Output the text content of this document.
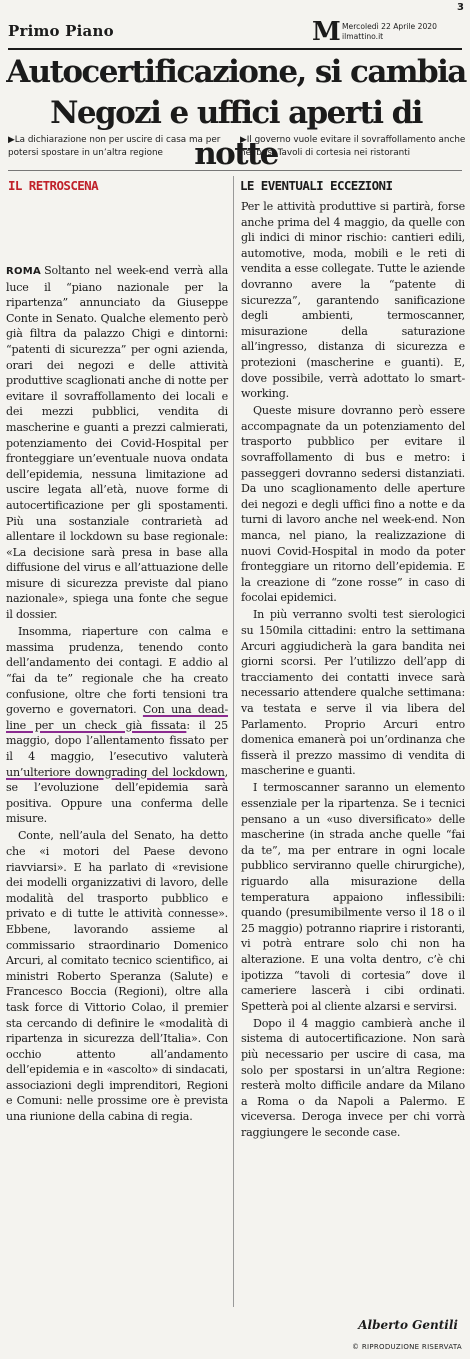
3
Primo Piano	M Mercoledì 22 Aprile 2020
ilmattino.it
Autocertificazione, si cambia
Negozi e uffici aperti di notte
▶La dichiarazione non per uscire di casa ma per potersi spostare in un’altra regione
▶Il governo vuole evitare il sovraffollamento anche nei bus. Tavoli di cortesia nei ristoranti
IL RETROSCENA	LE EVENTUALI ECCEZIONI

ROMA Soltanto nel week-end verrà alla luce il “piano nazionale per la ripartenza” annunciato da Giuseppe Conte in Senato. Qualche elemento però già filtra da palazzo Chigi e dintorni: “patenti di sicurezza” per ogni azienda, orari dei negozi e delle attività produttive scaglionati anche di notte per evitare il sovraffollamento dei locali e dei mezzi pubblici, vendita di mascherine e guanti a prezzi calmierati, potenziamento dei Covid-Hospital per fronteggiare un’eventuale nuova ondata dell’epidemia, nessuna limitazione ad uscire legata all’età, nuove forme di autocertificazione per gli spostamenti. Più una sostanziale contrarietà ad allentare il lockdown su base regionale: «La decisione sarà presa in base alla diffusione del virus e all’attuazione delle misure di sicurezza previste dal piano nazionale», spiega una fonte che segue il dossier.

Insomma, riaperture con calma e massima prudenza, tenendo conto dell’andamento dei contagi. E addio al “fai da te” regionale che ha creato confusione, oltre che forti tensioni tra governo e governatori. Con una dead-line per un check già fissata: il 25 maggio, dopo l’allentamento fissato per il 4 maggio, l’esecutivo valuterà un’ulteriore downgrading del lockdown, se l’evoluzione dell’epidemia sarà positiva. Oppure una conferma delle misure.

Conte, nell’aula del Senato, ha detto che «i motori del Paese devono riavviarsi». E ha parlato di «revisione dei modelli organizzativi di lavoro, delle modalità del trasporto pubblico e privato e di tutte le attività connesse». Ebbene, lavorando assieme al commissario straordinario Domenico Arcuri, al comitato tecnico scientifico, ai ministri Roberto Speranza (Salute) e Francesco Boccia (Regioni), oltre alla task force di Vittorio Colao, il premier sta cercando di definire le «modalità di ripartenza in sicurezza dell’Italia». Con occhio attento all’andamento dell’epidemia e in «ascolto» di sindacati, associazioni degli imprenditori, Regioni e Comuni: nelle prossime ore è prevista una riunione della cabina di regia.

Per le attività produttive si partirà, forse anche prima del 4 maggio, da quelle con gli indici di minor rischio: cantieri edili, automotive, moda, mobili e le reti di vendita a esse collegate. Tutte le aziende dovranno avere la “patente di sicurezza”, garantendo sanificazione degli ambienti, termoscanner, misurazione della saturazione all’ingresso, distanza di sicurezza e protezioni (mascherine e guanti). E, dove possibile, verrà adottato lo smart-working.

Queste misure dovranno però essere accompagnate da un potenziamento del trasporto pubblico per evitare il sovraffollamento di bus e metro: i passeggeri dovranno sedersi distanziati. Da uno scaglionamento delle aperture dei negozi e degli uffici fino a notte e da turni di lavoro anche nel week-end. Non manca, nel piano, la realizzazione di nuovi Covid-Hospital in modo da poter fronteggiare un ritorno dell’epidemia. E la creazione di “zone rosse” in caso di focolai epidemici.

In più verranno svolti test sierologici su 150mila cittadini: entro la settimana Arcuri aggiudicherà la gara bandita nei giorni scorsi. Per l’utilizzo dell’app di tracciamento dei contatti invece sarà necessario attendere qualche settimana: va testata e serve il via libera del Parlamento. Proprio Arcuri entro domenica emanerà poi un’ordinanza che fisserà il prezzo massimo di vendita di mascherine e guanti.

I termoscanner saranno un elemento essenziale per la ripartenza. Se i tecnici pensano a un «uso diversificato» delle mascherine (in strada anche quelle “fai da te”, ma per entrare in ogni locale pubblico serviranno quelle chirurgiche), riguardo alla misurazione della temperatura appaiono inflessibili: quando (presumibilmente verso il 18 o il 25 maggio) potranno riaprire i ristoranti, vi potrà entrare solo chi non ha alterazione. E una volta dentro, c’è chi ipotizza “tavoli di cortesia” dove il cameriere lascerà i cibi ordinati. Spetterà poi al cliente alzarsi e servirsi.

Dopo il 4 maggio cambierà anche il sistema di autocertificazione. Non sarà più necessario per uscire di casa, ma solo per spostarsi in un’altra Regione: resterà molto difficile andare da Milano a Roma o da Napoli a Palermo. E viceversa. Deroga invece per chi vorrà raggiungere le seconde case.

Alberto Gentili
© RIPRODUZIONE RISERVATA
